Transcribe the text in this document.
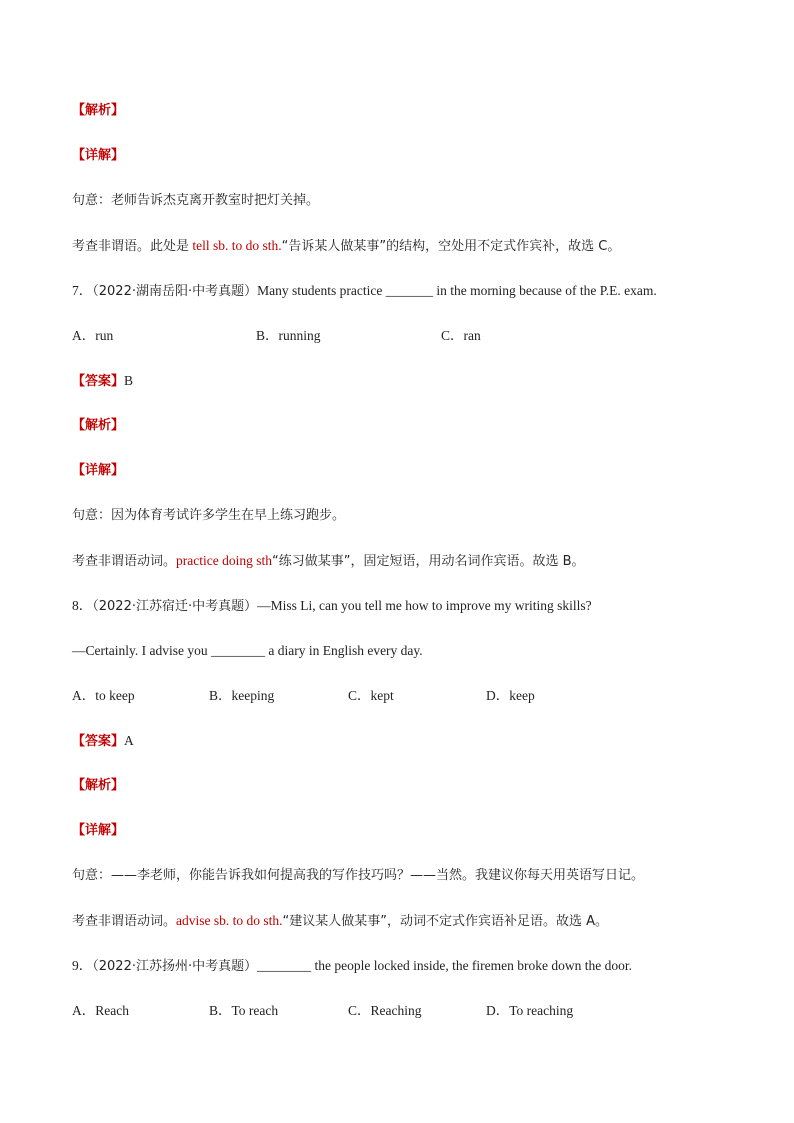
【解析】
【详解】
句意：老师告诉杰克离开教室时把灯关掉。
考查非谓语。此处是 tell sb. to do sth.“告诉某人做某事”的结构，空处用不定式作宾补，故选 C。
7．（2022·湖南岳阳·中考真题）Many students practice _______ in the morning because of the P.E. exam.
A．run	B．running	C．ran
【答案】B
【解析】
【详解】
句意：因为体育考试许多学生在早上练习跑步。
考查非谓语动词。practice doing sth“练习做某事”，固定短语，用动名词作宾语。故选 B。
8．（2022·江苏宿迁·中考真题）—Miss Li, can you tell me how to improve my writing skills?
—Certainly. I advise you ________ a diary in English every day.
A．to keep	B．keeping	C．kept	D．keep
【答案】A
【解析】
【详解】
句意：——李老师，你能告诉我如何提高我的写作技巧吗？——当然。我建议你每天用英语写日记。
考查非谓语动词。advise sb. to do sth.“建议某人做某事”，动词不定式作宾语补足语。故选 A。
9．（2022·江苏扬州·中考真题）________ the people locked inside, the firemen broke down the door.
A．Reach	B．To reach	C．Reaching	D．To reaching
